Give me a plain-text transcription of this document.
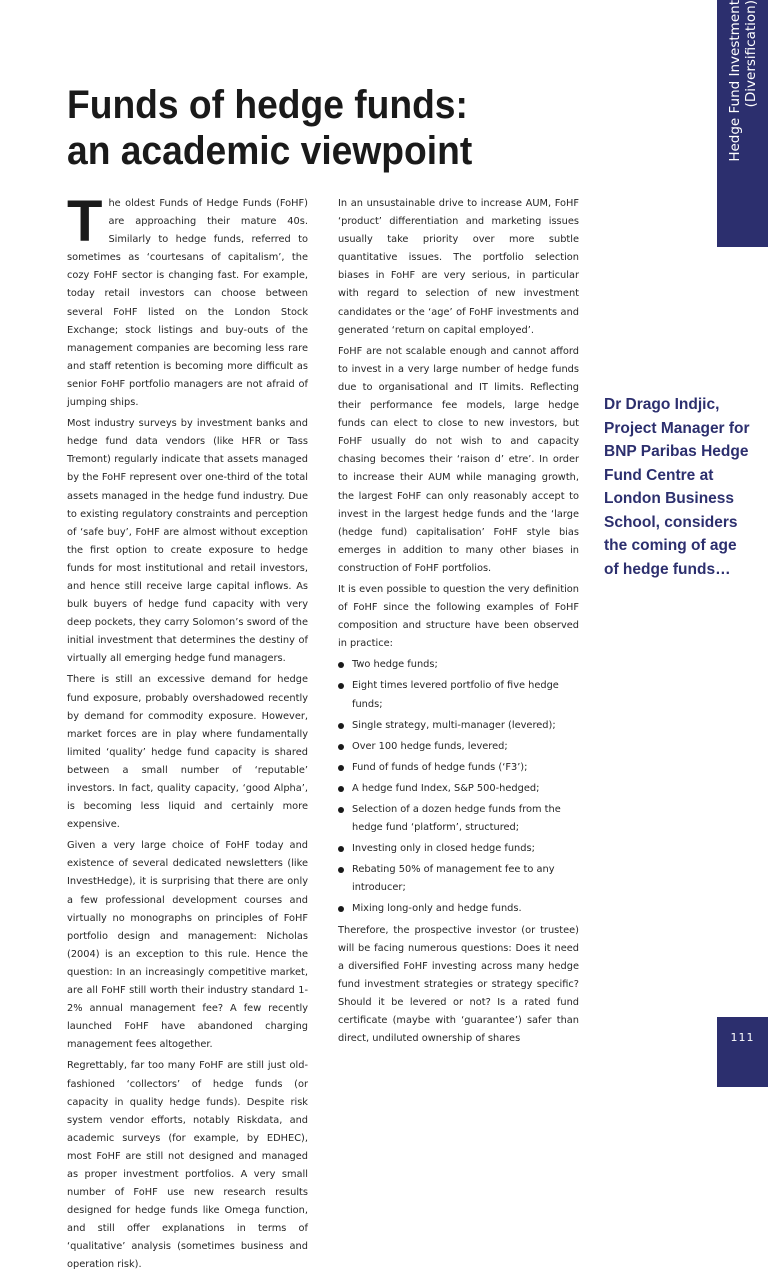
Hedge Fund Investment (Diversification)
Funds of hedge funds:
an academic viewpoint

The oldest Funds of Hedge Funds (FoHF) are approaching their mature 40s. Similarly to hedge funds, referred to sometimes as ‘courtesans of capitalism’, the cozy FoHF sector is changing fast. For example, today retail investors can choose between several FoHF listed on the London Stock Exchange; stock listings and buy-outs of the management companies are becoming less rare and staff retention is becoming more difficult as senior FoHF portfolio managers are not afraid of jumping ships.

Most industry surveys by investment banks and hedge fund data vendors (like HFR or Tass Tremont) regularly indicate that assets managed by the FoHF represent over one-third of the total assets managed in the hedge fund industry. Due to existing regulatory constraints and perception of ‘safe buy’, FoHF are almost without exception the first option to create exposure to hedge funds for most institutional and retail investors, and hence still receive large capital inflows. As bulk buyers of hedge fund capacity with very deep pockets, they carry Solomon’s sword of the initial investment that determines the destiny of virtually all emerging hedge fund managers.

There is still an excessive demand for hedge fund exposure, probably overshadowed recently by demand for commodity exposure. However, market forces are in play where fundamentally limited ‘quality’ hedge fund capacity is shared between a small number of ‘reputable’ investors. In fact, quality capacity, ‘good Alpha’, is becoming less liquid and certainly more expensive.

Given a very large choice of FoHF today and existence of several dedicated newsletters (like InvestHedge), it is surprising that there are only a few professional development courses and virtually no monographs on principles of FoHF portfolio design and management: Nicholas (2004) is an exception to this rule. Hence the question: In an increasingly competitive market, are all FoHF still worth their industry standard 1-2% annual management fee? A few recently launched FoHF have abandoned charging management fees altogether.

Regrettably, far too many FoHF are still just old-fashioned ‘collectors’ of hedge funds (or capacity in quality hedge funds). Despite risk system vendor efforts, notably Riskdata, and academic surveys (for example, by EDHEC), most FoHF are still not designed and managed as proper investment portfolios. A very small number of FoHF use new research results designed for hedge funds like Omega function, and still offer explanations in terms of ‘qualitative’ analysis (sometimes business and operation risk).

In an unsustainable drive to increase AUM, FoHF ‘product’ differentiation and marketing issues usually take priority over more subtle quantitative issues. The portfolio selection biases in FoHF are very serious, in particular with regard to selection of new investment candidates or the ‘age’ of FoHF investments and generated ‘return on capital employed’.

FoHF are not scalable enough and cannot afford to invest in a very large number of hedge funds due to organisational and IT limits. Reflecting their performance fee models, large hedge funds can elect to close to new investors, but FoHF usually do not wish to and capacity chasing becomes their ‘raison d’ etre’. In order to increase their AUM while managing growth, the largest FoHF can only reasonably accept to invest in the largest hedge funds and the ‘large (hedge fund) capitalisation’ FoHF style bias emerges in addition to many other biases in construction of FoHF portfolios.

It is even possible to question the very definition of FoHF since the following examples of FoHF composition and structure have been observed in practice:

Two hedge funds;
Eight times levered portfolio of five hedge funds;
Single strategy, multi-manager (levered);
Over 100 hedge funds, levered;
Fund of funds of hedge funds (‘F3’);
A hedge fund Index, S&P 500-hedged;
Selection of a dozen hedge funds from the hedge fund ‘platform’, structured;
Investing only in closed hedge funds;
Rebating 50% of management fee to any introducer;
Mixing long-only and hedge funds.

Therefore, the prospective investor (or trustee) will be facing numerous questions: Does it need a diversified FoHF investing across many hedge fund investment strategies or strategy specific? Should it be levered or not? Is a rated fund certificate (maybe with ‘guarantee’) safer than direct, undiluted ownership of shares

Dr Drago Indjic, Project Manager for BNP Paribas Hedge Fund Centre at London Business School, considers the coming of age of hedge funds…

111
